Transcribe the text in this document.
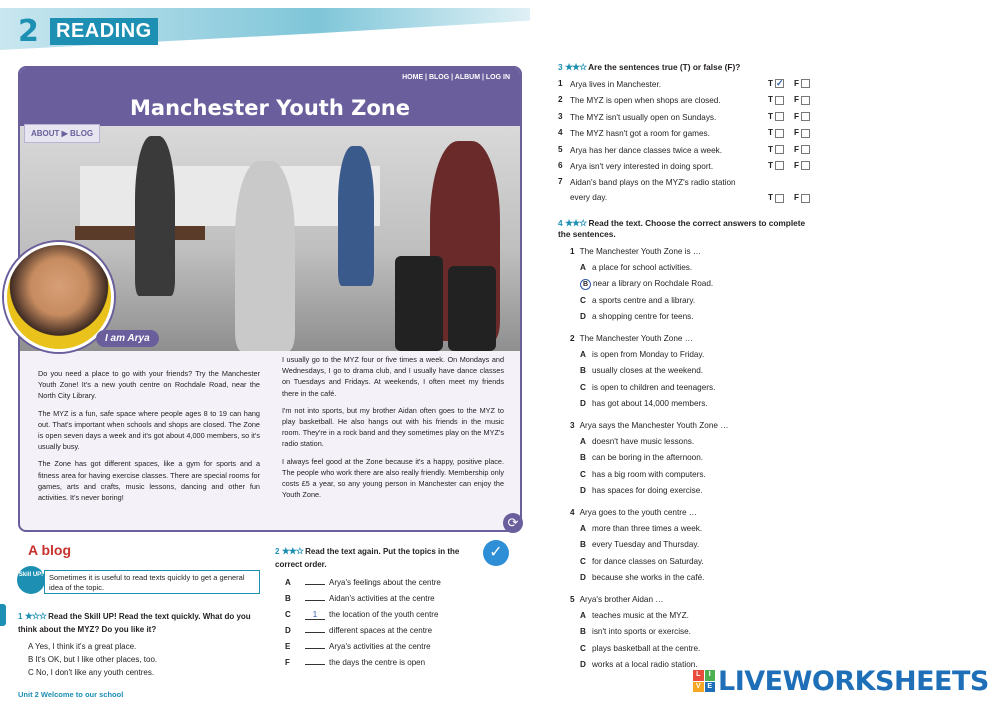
2 READING
HOME | BLOG | ALBUM | LOG IN
Manchester Youth Zone
ABOUT ▶ BLOG

Do you need a place to go with your friends? Try the Manchester Youth Zone! It's a new youth centre on Rochdale Road, near the North City Library.

The MYZ is a fun, safe space where people ages 8 to 19 can hang out. That's important when schools and shops are closed. The Zone is open seven days a week and it's got about 4,000 members, so it's usually busy.

The Zone has got different spaces, like a gym for sports and a fitness area for having exercise classes. There are special rooms for games, arts and crafts, music lessons, dancing and other fun activities. It's never boring!

I usually go to the MYZ four or five times a week. On Mondays and Wednesdays, I go to drama club, and I usually have dance classes on Tuesdays and Fridays. At weekends, I often meet my friends there in the café.

I'm not into sports, but my brother Aidan often goes to the MYZ to play basketball. He also hangs out with his friends in the music room. They're in a rock band and they sometimes play on the MYZ's radio station.

I always feel good at the Zone because it's a happy, positive place. The people who work there are also really friendly. Membership only costs £5 a year, so any young person in Manchester can enjoy the Youth Zone.

I am Arya
⟳
A blog
Skill UP! Sometimes it is useful to read texts quickly to get a general idea of the topic.
1 ★☆☆ Read the Skill UP! Read the text quickly. What do you think about the MYZ? Do you like it?
A Yes, I think it's a great place.
B It's OK, but I like other places, too.
C No, I don't like any youth centres.
2 ★★☆ Read the text again. Put the topics in the correct order.
A	Arya's feelings about the centre
B	Aidan's activities at the centre
C	1 the location of the youth centre
D	different spaces at the centre
E	Arya's activities at the centre
F	the days the centre is open
✓
Unit 2 Welcome to our school
3 ★★☆ Are the sentences true (T) or false (F)?
1 Arya lives in Manchester.	T ✓ F
2 The MYZ is open when shops are closed.	T	F
3 The MYZ isn't usually open on Sundays.	T	F
4 The MYZ hasn't got a room for games.	T	F
5 Arya has her dance classes twice a week.	T	F
6 Arya isn't very interested in doing sport.	T	F
7 Aidan's band plays on the MYZ's radio station every day.	T	F
4 ★★☆ Read the text. Choose the correct answers to complete the sentences.
1 The Manchester Youth Zone is …
A a place for school activities.
B near a library on Rochdale Road.
C a sports centre and a library.
D a shopping centre for teens.
2 The Manchester Youth Zone …
A is open from Monday to Friday.
B usually closes at the weekend.
C is open to children and teenagers.
D has got about 14,000 members.
3 Arya says the Manchester Youth Zone …
A doesn't have music lessons.
B can be boring in the afternoon.
C has a big room with computers.
D has spaces for doing exercise.
4 Arya goes to the youth centre …
A more than three times a week.
B every Tuesday and Thursday.
C for dance classes on Saturday.
D because she works in the café.
5 Arya's brother Aidan …
A teaches music at the MYZ.
B isn't into sports or exercise.
C plays basketball at the centre.
D works at a local radio station.
L	I
V E LIVEWORKSHEETS
